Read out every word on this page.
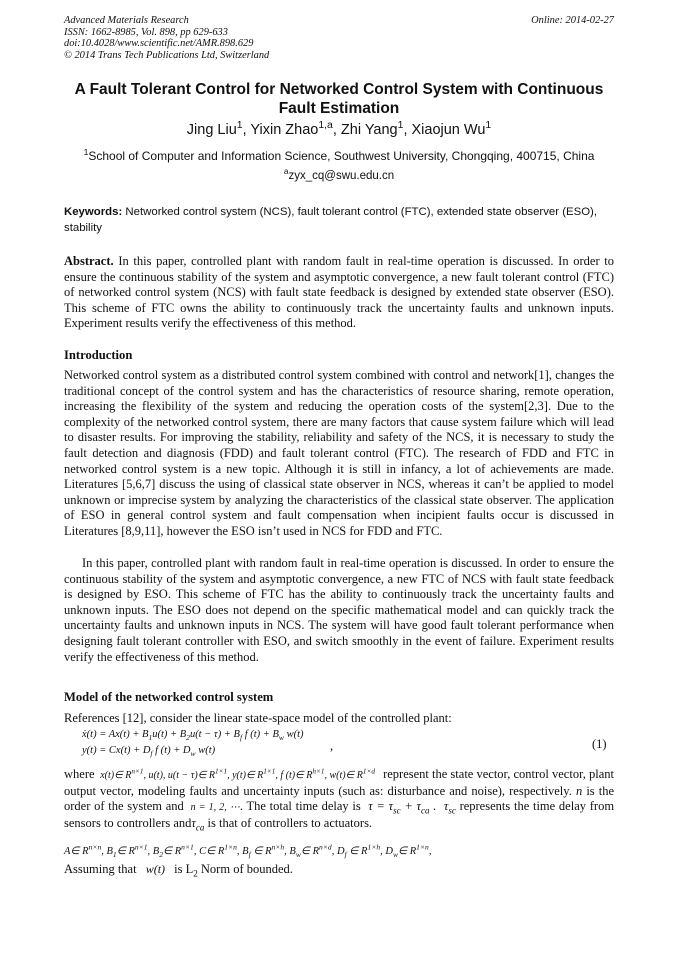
Advanced Materials Research
ISSN: 1662-8985, Vol. 898, pp 629-633
doi:10.4028/www.scientific.net/AMR.898.629
© 2014 Trans Tech Publications Ltd, Switzerland
Online: 2014-02-27
A Fault Tolerant Control for Networked Control System with Continuous Fault Estimation
Jing Liu$^1$, Yixin Zhao$^{1,a}$, Zhi Yang$^1$, Xiaojun Wu$^1$
$^1$School of Computer and Information Science, Southwest University, Chongqing, 400715, China
$^a$zyx_cq@swu.edu.cn
Keywords: Networked control system (NCS), fault tolerant control (FTC), extended state observer (ESO), stability
Abstract. In this paper, controlled plant with random fault in real-time operation is discussed. In order to ensure the continuous stability of the system and asymptotic convergence, a new fault tolerant control (FTC) of networked control system (NCS) with fault state feedback is designed by extended state observer (ESO). This scheme of FTC owns the ability to continuously track the uncertainty faults and unknown inputs. Experiment results verify the effectiveness of this method.
Introduction
Networked control system as a distributed control system combined with control and network[1], changes the traditional concept of the control system and has the characteristics of resource sharing, remote operation, increasing the flexibility of the system and reducing the operation costs of the system[2,3]. Due to the complexity of the networked control system, there are many factors that cause system failure which will lead to disaster results. For improving the stability, reliability and safety of the NCS, it is necessary to study the fault detection and diagnosis (FDD) and fault tolerant control (FTC). The research of FDD and FTC in networked control system is a new topic. Although it is still in infancy, a lot of achievements are made. Literatures [5,6,7] discuss the using of classical state observer in NCS, whereas it can’t be applied to model unknown or imprecise system by analyzing the characteristics of the classical state observer. The application of ESO in general control system and fault compensation when incipient faults occur is discussed in Literatures [8,9,11], however the ESO isn’t used in NCS for FDD and FTC.
In this paper, controlled plant with random fault in real-time operation is discussed. In order to ensure the continuous stability of the system and asymptotic convergence, a new FTC of NCS with fault state feedback is designed by ESO. This scheme of FTC has the ability to continuously track the uncertainty faults and unknown inputs. The ESO does not depend on the specific mathematical model and can quickly track the uncertainty faults and unknown inputs in NCS. The system will have good fault tolerant performance when designing fault tolerant controller with ESO, and switch smoothly in the event of failure. Experiment results verify the effectiveness of this method.
Model of the networked control system
References [12], consider the linear state-space model of the controlled plant:
ẋ(t) = $Ax(t) + B_1u(t) + B_2u(t - \tau) + B_f$ f $(t) + B_w$ w(t)
$y(t) = Cx(t) + D_f$ f $(t) + D_w$ w(t)	,	(1)
where  x(t)∈ $R^{n\times 1}$, u(t), u(t − τ)∈ $R^{1\times 1}$, y(t)∈ $R^{1\times 1}$, f (t)∈ $R^{h\times 1}$, w(t)∈ $R^{1\times d}$ represent the state vector, control vector, plant output vector, modeling faults and uncertainty inputs (such as: disturbance and noise), respectively. n is the order of the system and  n = 1, 2, ⋯. The total time delay is  $\tau = \tau_{sc} + \tau_{ca}$ .  $\tau_{sc}$ represents the time delay from sensors to controllers andτ$_{ca}$ is that of controllers to actuators.
A∈ $R^{n\times n}$, $B_1\in$ $R^{n\times 1}$, $B_2\in$ $R^{n\times 1}$, C∈ $R^{1\times n}$, $B_f$ ∈ $R^{n\times h}$, $B_w\in$ $R^{n\times d}$, $D_f$ ∈ $R^{1\times h}$, $D_w\in$ $R^{1\times n}$,
Assuming that   w(t)   is $L_2$ Norm of bounded.
